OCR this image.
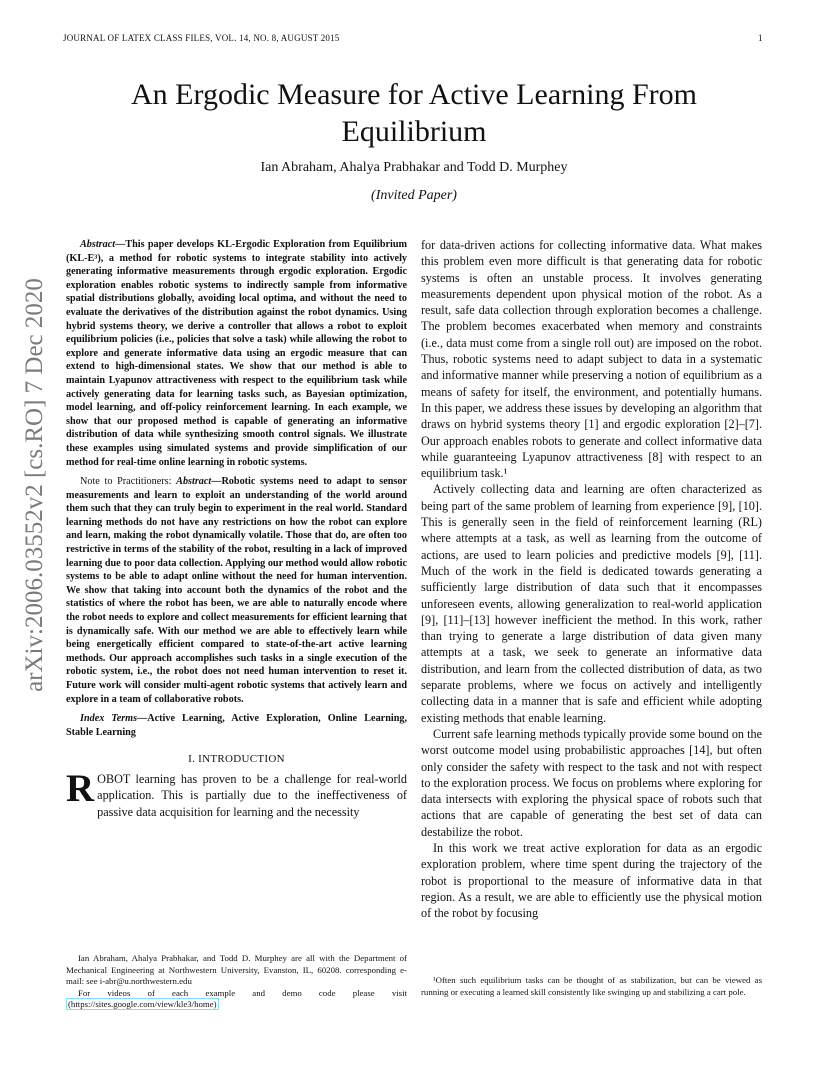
JOURNAL OF LATEX CLASS FILES, VOL. 14, NO. 8, AUGUST 2015	1
arXiv:2006.03552v2 [cs.RO] 7 Dec 2020
An Ergodic Measure for Active Learning From Equilibrium
Ian Abraham, Ahalya Prabhakar and Todd D. Murphey
(Invited Paper)

Abstract—This paper develops KL-Ergodic Exploration from Equilibrium (KL-E³), a method for robotic systems to integrate stability into actively generating informative measurements through ergodic exploration. Ergodic exploration enables robotic systems to indirectly sample from informative spatial distributions globally, avoiding local optima, and without the need to evaluate the derivatives of the distribution against the robot dynamics. Using hybrid systems theory, we derive a controller that allows a robot to exploit equilibrium policies (i.e., policies that solve a task) while allowing the robot to explore and generate informative data using an ergodic measure that can extend to high-dimensional states. We show that our method is able to maintain Lyapunov attractiveness with respect to the equilibrium task while actively generating data for learning tasks such, as Bayesian optimization, model learning, and off-policy reinforcement learning. In each example, we show that our proposed method is capable of generating an informative distribution of data while synthesizing smooth control signals. We illustrate these examples using simulated systems and provide simplification of our method for real-time online learning in robotic systems.

Note to Practitioners: Abstract—Robotic systems need to adapt to sensor measurements and learn to exploit an understanding of the world around them such that they can truly begin to experiment in the real world. Standard learning methods do not have any restrictions on how the robot can explore and learn, making the robot dynamically volatile. Those that do, are often too restrictive in terms of the stability of the robot, resulting in a lack of improved learning due to poor data collection. Applying our method would allow robotic systems to be able to adapt online without the need for human intervention. We show that taking into account both the dynamics of the robot and the statistics of where the robot has been, we are able to naturally encode where the robot needs to explore and collect measurements for efficient learning that is dynamically safe. With our method we are able to effectively learn while being energetically efficient compared to state-of-the-art active learning methods. Our approach accomplishes such tasks in a single execution of the robotic system, i.e., the robot does not need human intervention to reset it. Future work will consider multi-agent robotic systems that actively learn and explore in a team of collaborative robots.

Index Terms—Active Learning, Active Exploration, Online Learning, Stable Learning

I. INTRODUCTION

ROBOT learning has proven to be a challenge for real-world application. This is partially due to the ineffectiveness of passive data acquisition for learning and the necessity

Ian Abraham, Ahalya Prabhakar, and Todd D. Murphey are all with the Department of Mechanical Engineering at Northwestern University, Evanston, IL, 60208. corresponding e-mail: see i-abr@u.northwestern.edu

For videos of each example and demo code please visit (https://sites.google.com/view/kle3/home)

for data-driven actions for collecting informative data. What makes this problem even more difficult is that generating data for robotic systems is often an unstable process. It involves generating measurements dependent upon physical motion of the robot. As a result, safe data collection through exploration becomes a challenge. The problem becomes exacerbated when memory and constraints (i.e., data must come from a single roll out) are imposed on the robot. Thus, robotic systems need to adapt subject to data in a systematic and informative manner while preserving a notion of equilibrium as a means of safety for itself, the environment, and potentially humans. In this paper, we address these issues by developing an algorithm that draws on hybrid systems theory [1] and ergodic exploration [2]–[7]. Our approach enables robots to generate and collect informative data while guaranteeing Lyapunov attractiveness [8] with respect to an equilibrium task.¹

Actively collecting data and learning are often characterized as being part of the same problem of learning from experience [9], [10]. This is generally seen in the field of reinforcement learning (RL) where attempts at a task, as well as learning from the outcome of actions, are used to learn policies and predictive models [9], [11]. Much of the work in the field is dedicated towards generating a sufficiently large distribution of data such that it encompasses unforeseen events, allowing generalization to real-world application [9], [11]–[13] however inefficient the method. In this work, rather than trying to generate a large distribution of data given many attempts at a task, we seek to generate an informative data distribution, and learn from the collected distribution of data, as two separate problems, where we focus on actively and intelligently collecting data in a manner that is safe and efficient while adopting existing methods that enable learning.

Current safe learning methods typically provide some bound on the worst outcome model using probabilistic approaches [14], but often only consider the safety with respect to the task and not with respect to the exploration process. We focus on problems where exploring for data intersects with exploring the physical space of robots such that actions that are capable of generating the best set of data can destabilize the robot.

In this work we treat active exploration for data as an ergodic exploration problem, where time spent during the trajectory of the robot is proportional to the measure of informative data in that region. As a result, we are able to efficiently use the physical motion of the robot by focusing

¹Often such equilibrium tasks can be thought of as stabilization, but can be viewed as running or executing a learned skill consistently like swinging up and stabilizing a cart pole.
